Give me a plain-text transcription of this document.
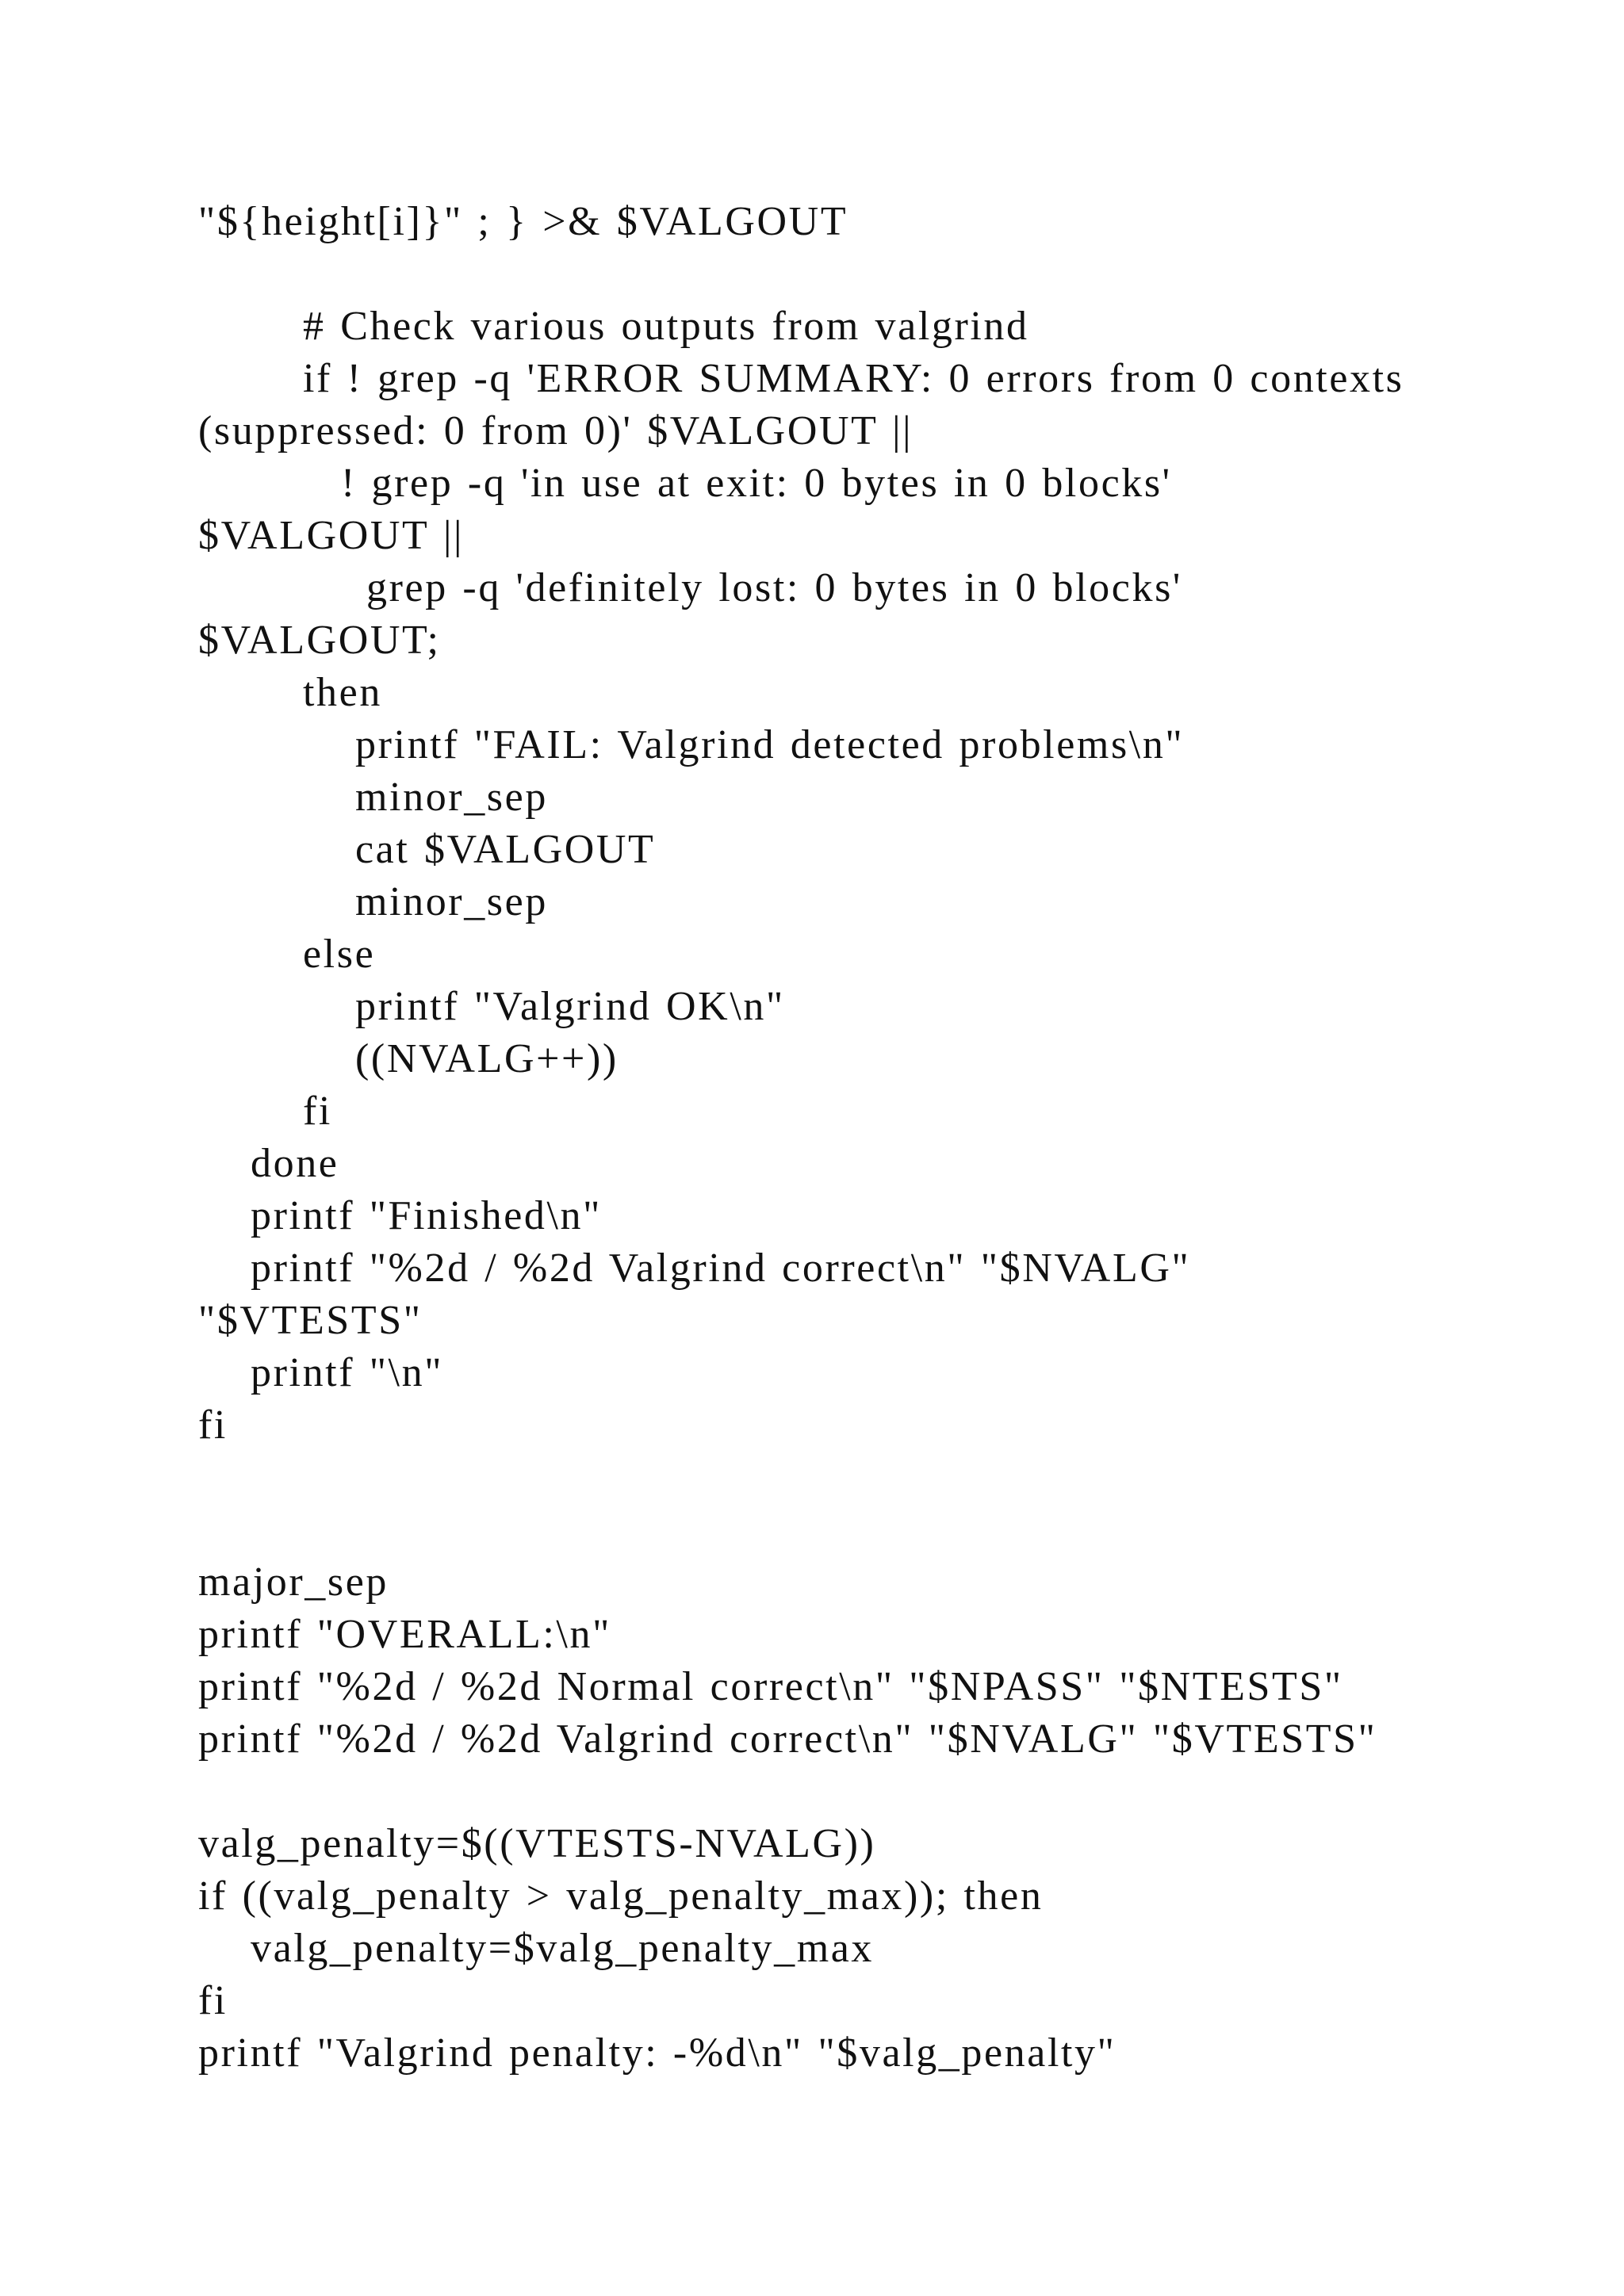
"${height[i]}" ; } >& $VALGOUT
# Check various outputs from valgrind
if ! grep -q 'ERROR SUMMARY: 0 errors from 0 contexts
(suppressed: 0 from 0)' $VALGOUT ||
! grep -q 'in use at exit: 0 bytes in 0 blocks'
$VALGOUT ||
grep -q 'definitely lost: 0 bytes in 0 blocks'
$VALGOUT;
then
printf "FAIL: Valgrind detected problems\n"
minor_sep
cat $VALGOUT
minor_sep
else
printf "Valgrind OK\n"
((NVALG++))
fi
done
printf "Finished\n"
printf "%2d / %2d Valgrind correct\n" "$NVALG"
"$VTESTS"
printf "\n"
fi
major_sep
printf "OVERALL:\n"
printf "%2d / %2d Normal correct\n" "$NPASS" "$NTESTS"
printf "%2d / %2d Valgrind correct\n" "$NVALG" "$VTESTS"
valg_penalty=$((VTESTS-NVALG))
if ((valg_penalty > valg_penalty_max)); then
valg_penalty=$valg_penalty_max
fi
printf "Valgrind penalty: -%d\n" "$valg_penalty"
